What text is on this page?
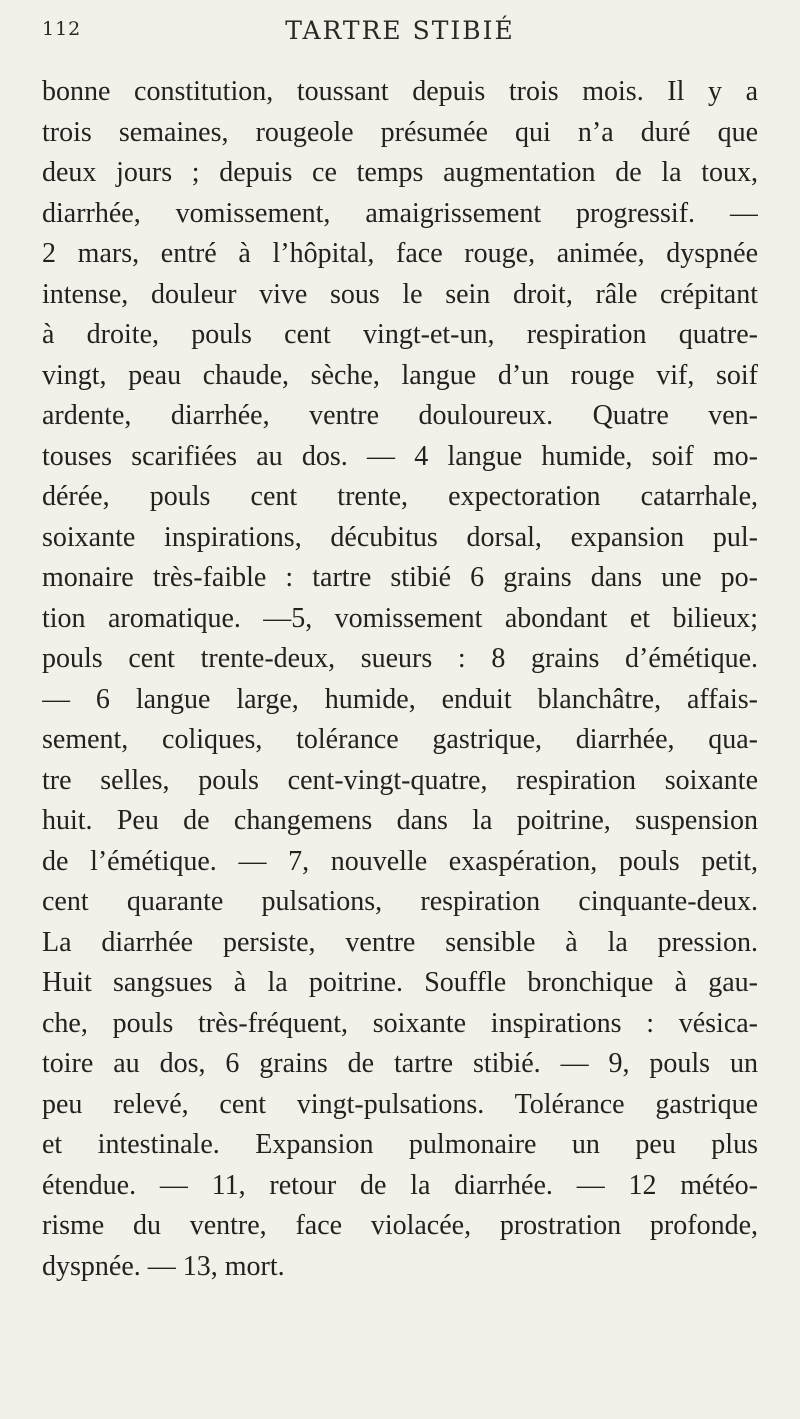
112	TARTRE STIBIÉ
bonne constitution, toussant depuis trois mois. Il y a
trois semaines, rougeole présumée qui n’a duré que
deux jours ; depuis ce temps augmentation de la toux,
diarrhée, vomissement, amaigrissement progressif. —
2 mars, entré à l’hôpital, face rouge, animée, dyspnée
intense, douleur vive sous le sein droit, râle crépitant
à droite, pouls cent vingt-et-un, respiration quatre-
vingt, peau chaude, sèche, langue d’un rouge vif, soif
ardente, diarrhée, ventre douloureux. Quatre ven-
touses scarifiées au dos. — 4 langue humide, soif mo-
dérée, pouls cent trente, expectoration catarrhale,
soixante inspirations, décubitus dorsal, expansion pul-
monaire très-faible : tartre stibié 6 grains dans une po-
tion aromatique. —5, vomissement abondant et bilieux;
pouls cent trente-deux, sueurs : 8 grains d’émétique.
— 6 langue large, humide, enduit blanchâtre, affais-
sement, coliques, tolérance gastrique, diarrhée, qua-
tre selles, pouls cent-vingt-quatre, respiration soixante
huit. Peu de changemens dans la poitrine, suspension
de l’émétique. — 7, nouvelle exaspération, pouls petit,
cent quarante pulsations, respiration cinquante-deux.
La diarrhée persiste, ventre sensible à la pression.
Huit sangsues à la poitrine. Souffle bronchique à gau-
che, pouls très-fréquent, soixante inspirations : vésica-
toire au dos, 6 grains de tartre stibié. — 9, pouls un
peu relevé, cent vingt-pulsations. Tolérance gastrique
et intestinale. Expansion pulmonaire un peu plus
étendue. — 11, retour de la diarrhée. — 12 météo-
risme du ventre, face violacée, prostration profonde,
dyspnée. — 13, mort.
